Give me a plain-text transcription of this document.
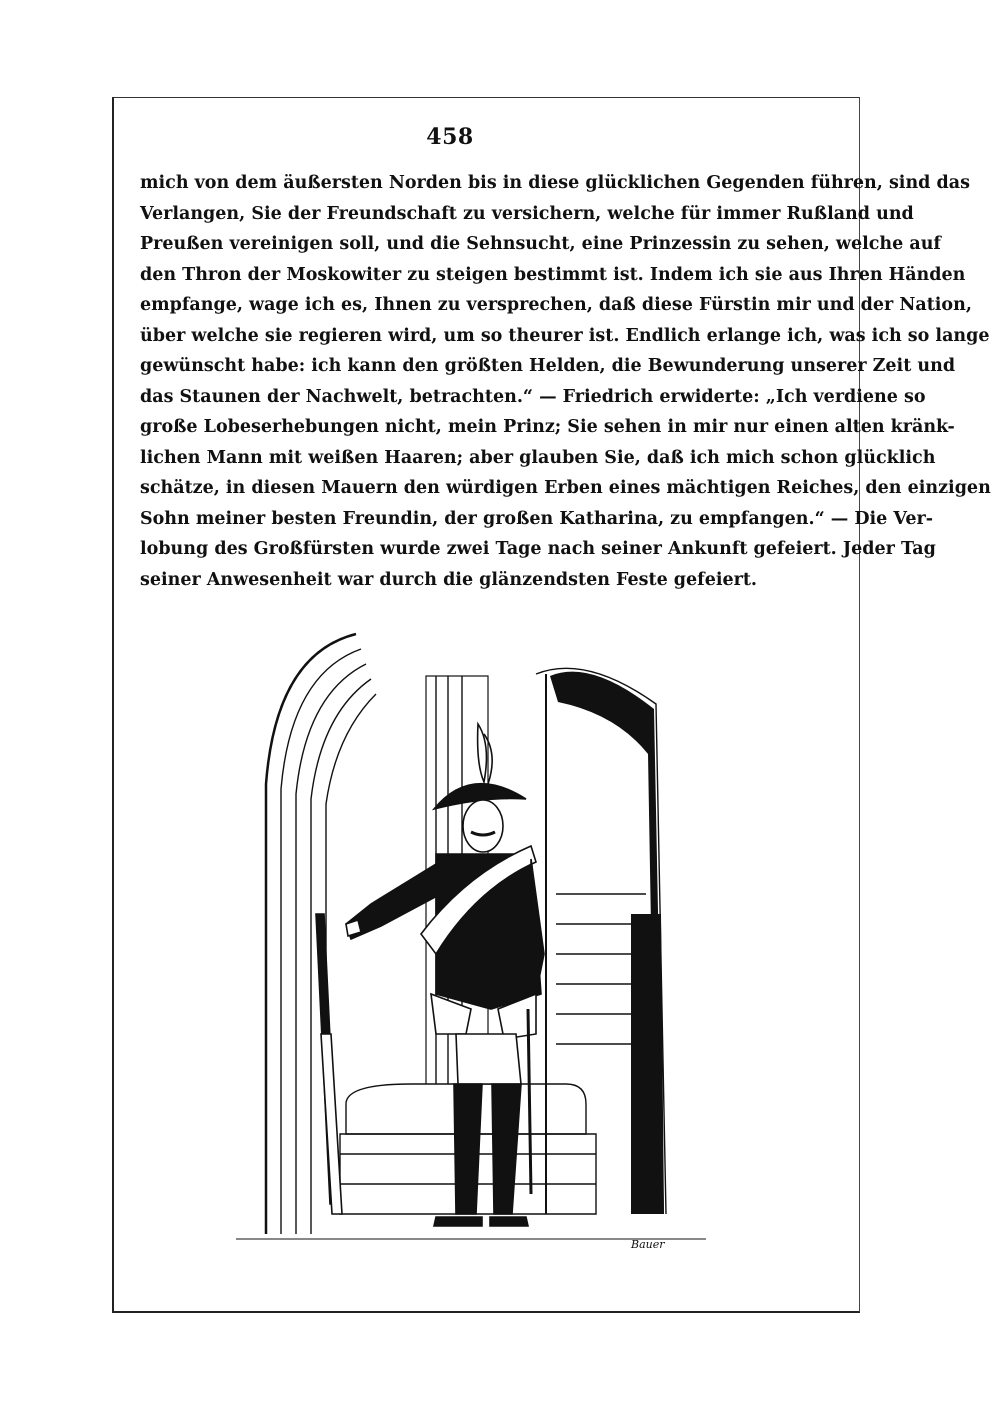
458
mich von dem äußersten Norden bis in diese glücklichen Gegenden führen, sind das
Verlangen, Sie der Freundschaft zu versichern, welche für immer Rußland und
Preußen vereinigen soll, und die Sehnsucht, eine Prinzessin zu sehen, welche auf
den Thron der Moskowiter zu steigen bestimmt ist. Indem ich sie aus Ihren Händen
empfange, wage ich es, Ihnen zu versprechen, daß diese Fürstin mir und der Nation,
über welche sie regieren wird, um so theurer ist. Endlich erlange ich, was ich so lange
gewünscht habe: ich kann den größten Helden, die Bewunderung unserer Zeit und
das Staunen der Nachwelt, betrachten.“ — Friedrich erwiderte: „Ich verdiene so
große Lobeserhebungen nicht, mein Prinz; Sie sehen in mir nur einen alten kränk-
lichen Mann mit weißen Haaren; aber glauben Sie, daß ich mich schon glücklich
schätze, in diesen Mauern den würdigen Erben eines mächtigen Reiches, den einzigen
Sohn meiner besten Freundin, der großen Katharina, zu empfangen.“ — Die Ver-
lobung des Großfürsten wurde zwei Tage nach seiner Ankunft gefeiert. Jeder Tag
seiner Anwesenheit war durch die glänzendsten Feste gefeiert.
Bauer
